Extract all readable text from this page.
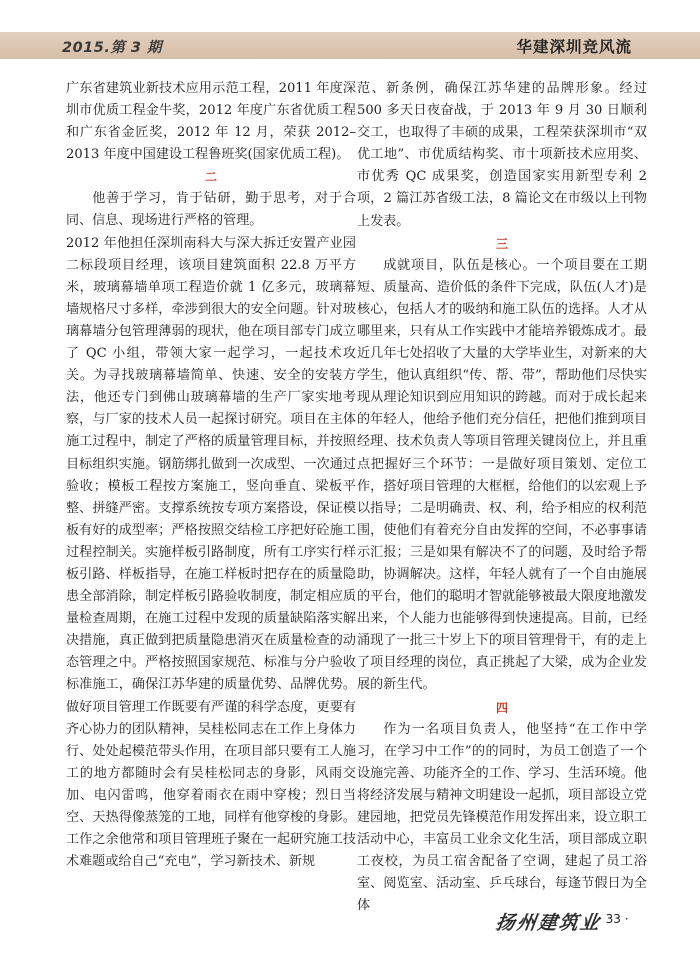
2015.第 3 期	华建深圳竞风流

广东省建筑业新技术应用示范工程，2011 年度深圳市优质工程金牛奖，2012 年度广东省优质工程和广东省金匠奖，2012 年 12 月，荣获 2012–2013 年度中国建设工程鲁班奖(国家优质工程)。

二

他善于学习，肯于钻研，勤于思考，对于合同、信息、现场进行严格的管理。

2012 年他担任深圳南科大与深大拆迁安置产业园二标段项目经理，该项目建筑面积 22.8 万平方米，玻璃幕墙单项工程造价就 1 亿多元，玻璃幕墙规格尺寸多样，牵涉到很大的安全问题。针对玻璃幕墙分包管理薄弱的现状，他在项目部专门成立了 QC 小组，带领大家一起学习，一起技术攻关。为寻找玻璃幕墙简单、快速、安全的安装方法，他还专门到佛山玻璃幕墙的生产厂家实地考察，与厂家的技术人员一起探讨研究。项目在主体施工过程中，制定了严格的质量管理目标，并按照目标组织实施。钢筋绑扎做到一次成型、一次通过验收；模板工程按方案施工，竖向垂直、梁板平整、拼缝严密。支撑系统按专项方案搭设，保证模板有好的成型率；严格按照交结检工序把好砼施工过程控制关。实施样板引路制度，所有工序实行样板引路、样板指导，在施工样板时把存在的质量隐患全部消除，制定样板引路验收制度，制定相应质量检查周期，在施工过程中发现的质量缺陷落实解决措施，真正做到把质量隐患消灭在质量检查的动态管理之中。严格按照国家规范、标准与分户验收标准施工，确保江苏华建的质量优势、品牌优势。做好项目管理工作既要有严谨的科学态度，更要有齐心协力的团队精神，吴桂松同志在工作上身体力行、处处起模范带头作用，在项目部只要有工人施工的地方都随时会有吴桂松同志的身影，风雨交加、电闪雷鸣，他穿着雨衣在雨中穿梭；烈日当空、天热得像蒸笼的工地，同样有他穿梭的身影。工作之余他常和项目管理班子聚在一起研究施工技术难题或给自己“充电”，学习新技术、新规

范、新条例，确保江苏华建的品牌形象。经过 500 多天日夜奋战，于 2013 年 9 月 30 日顺利交工，也取得了丰硕的成果，工程荣获深圳市“双优工地”、市优质结构奖、市十项新技术应用奖、市优秀 QC 成果奖，创造国家实用新型专利 2 项，2 篇江苏省级工法，8 篇论文在市级以上刊物上发表。

三

成就项目，队伍是核心。一个项目要在工期短、质量高、造价低的条件下完成，队伍(人才)是核心，包括人才的吸纳和施工队伍的选择。人才从哪里来，只有从工作实践中才能培养锻炼成才。最近几年七处招收了大量的大学毕业生，对新来的大学生，他认真组织“传、帮、带”，帮助他们尽快实现从理论知识到应用知识的跨越。而对于成长起来的年轻人，他给予他们充分信任，把他们推到项目经理、技术负责人等项目管理关键岗位上，并且重点把握好三个环节：一是做好项目策划、定位工作，搭好项目管理的大框框，给他们的以宏观上予以指导；二是明确责、权、利，给予相应的权利范围，使他们有着充分自由发挥的空间，不必事事请示汇报；三是如果有解决不了的问题，及时给予帮助，协调解决。这样，年轻人就有了一个自由施展的平台，他们的聪明才智就能够被最大限度地激发出来，个人能力也能够得到快速提高。目前，已经涌现了一批三十岁上下的项目管理骨干，有的走上了项目经理的岗位，真正挑起了大梁，成为企业发展的新生代。

四

作为一名项目负责人，他坚持“在工作中学习，在学习中工作”的的同时，为员工创造了一个设施完善、功能齐全的工作、学习、生活环境。他将经济发展与精神文明建设一起抓，项目部设立党建园地，把党员先锋模范作用发挥出来，设立职工活动中心，丰富员工业余文化生活，项目部成立职工夜校，为员工宿舍配备了空调，建起了员工浴室、阅览室、活动室、乒乓球台，每逢节假日为全体

扬州建筑业
· 33 ·
